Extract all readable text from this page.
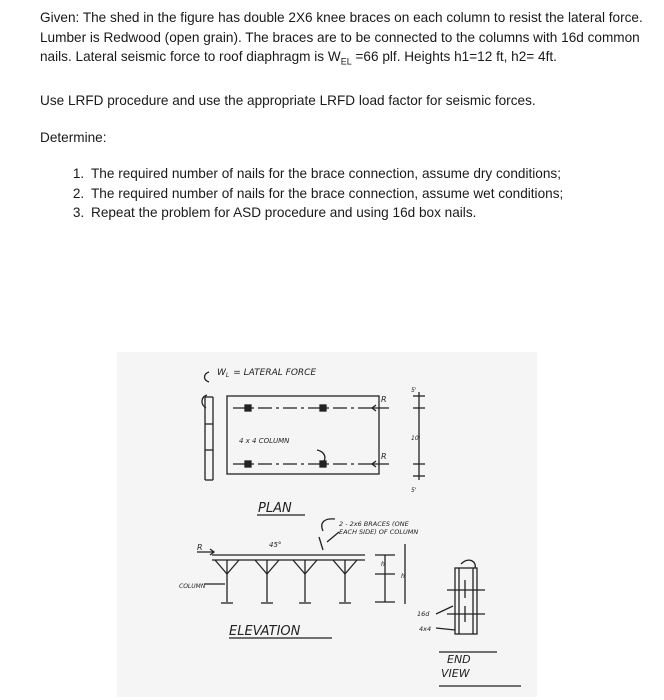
Given: The shed in the figure has double 2X6 knee braces on each column to resist the lateral force. Lumber is Redwood (open grain). The braces are to be connected to the columns with 16d common nails. Lateral seismic force to roof diaphragm is $W_{EL} =66$ plf. Heights h1=12 ft, h2= 4ft.

Use LRFD procedure and use the appropriate LRFD load factor for seismic forces.

Determine:

1. The required number of nails for the brace connection, assume dry conditions;
2. The required number of nails for the brace connection, assume wet conditions;
3. Repeat the problem for ASD procedure and using 16d box nails.
$W_L$ = LATERAL FORCE
4 x 4 COLUMN
R
R
5'
10'
5'
PLAN
2 - 2x6 BRACES (ONE
EACH SIDE) OF COLUMN
45°
R
COLUMN
h
h
16d
4x4
ELEVATION
END
VIEW
